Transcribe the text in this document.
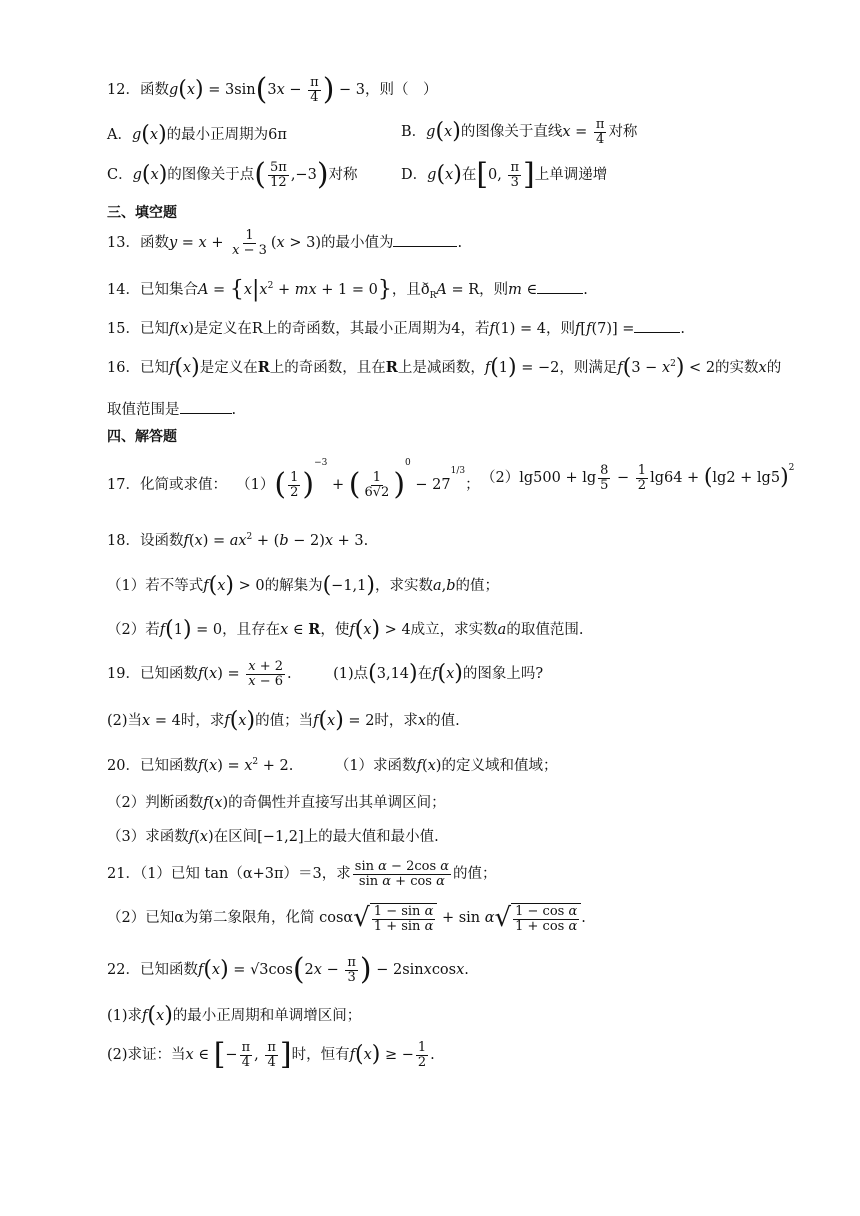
12．函数$g(x) = 3\sin(3x - \frac{\pi}{4}$ ) − 3，则（　）
A．g(x)的最小正周期为6π	B．g(x)的图像关于直线$x = \frac{\pi}{4}$ 对称
C．g(x)的图像关于点( $\frac{5\pi}{12} ,-3$)对称	D．g(x)在[0, $\frac{\pi}{3}$ ]上单调递增
三、填空题
13．函数$y = x + \frac{1}{x - 3} (x > 3)$的最小值为	.
14．已知集合$A = \{x|x^2$ + mx + 1 = 0}，且$ð_RA = R$，则m ∈	.
15．已知f(x)是定义在R上的奇函数，其最小正周期为4，若f(1) = 4，则f[f(7)] =	.
16．已知f(x)是定义在R上的奇函数，且在R上是减函数，f(1) = −2，则满足$f(3 - x^2) < 2$的实数x的
取值范围是	.
四、解答题
17．化简或求值： $(1)( \frac{1}{2} )^{-3}$ + ( $\frac{1}{6√2} )^0 - 27^{1/3}$； $(2)\lg 500 + \lg \frac{8}{5} - \frac{1}{2} \lg 64 + (\lg 2 + \lg 5)^2$
18．设函数$f(x) = ax^2 + (b - 2)x + 3$.
（1）若不等式f(x) > 0的解集为(−1,1)，求实数a,b的值；
（2）若f(1) = 0，且存在x ∈ R，使f(x) > 4成立，求实数a的取值范围.
19．已知函数$f(x) = \frac{x + 2}{x - 6}$ .	(1)点(3,14)在f(x)的图象上吗?
(2)当x = 4时，求f(x)的值；当f(x) = 2时，求x的值.
20．已知函数$f(x) = x^2 + 2$.	（1）求函数f(x)的定义域和值域；
（2）判断函数f(x)的奇偶性并直接写出其单调区间；
（3）求函数f(x)在区间[−1,2]上的最大值和最小值.
21．（1）已知 tan（α+3π）＝3，求 $\frac{\text{sin α − 2cos α}}{\text{sin α + cos α}}$ 的值；
（2）已知α为第二象限角，化简 cosα √ $\frac{\text{1 − sin α}}{\text{1 + sin α}} + \sin \alpha$ √ $\frac{\text{1 − cos α}}{\text{1 + cos α}}$ .
22．已知函数$f(x) = √3\cos(2x - \frac{\pi}{3}$ ) − 2sinxcosx.
(1)求f(x)的最小正周期和单调增区间；
(2)求证：当x ∈ [− $\frac{\pi}{4}$ , $\frac{\pi}{4}$ ]时，恒有f(x) ≥ − $\frac{1}{2}$ .
